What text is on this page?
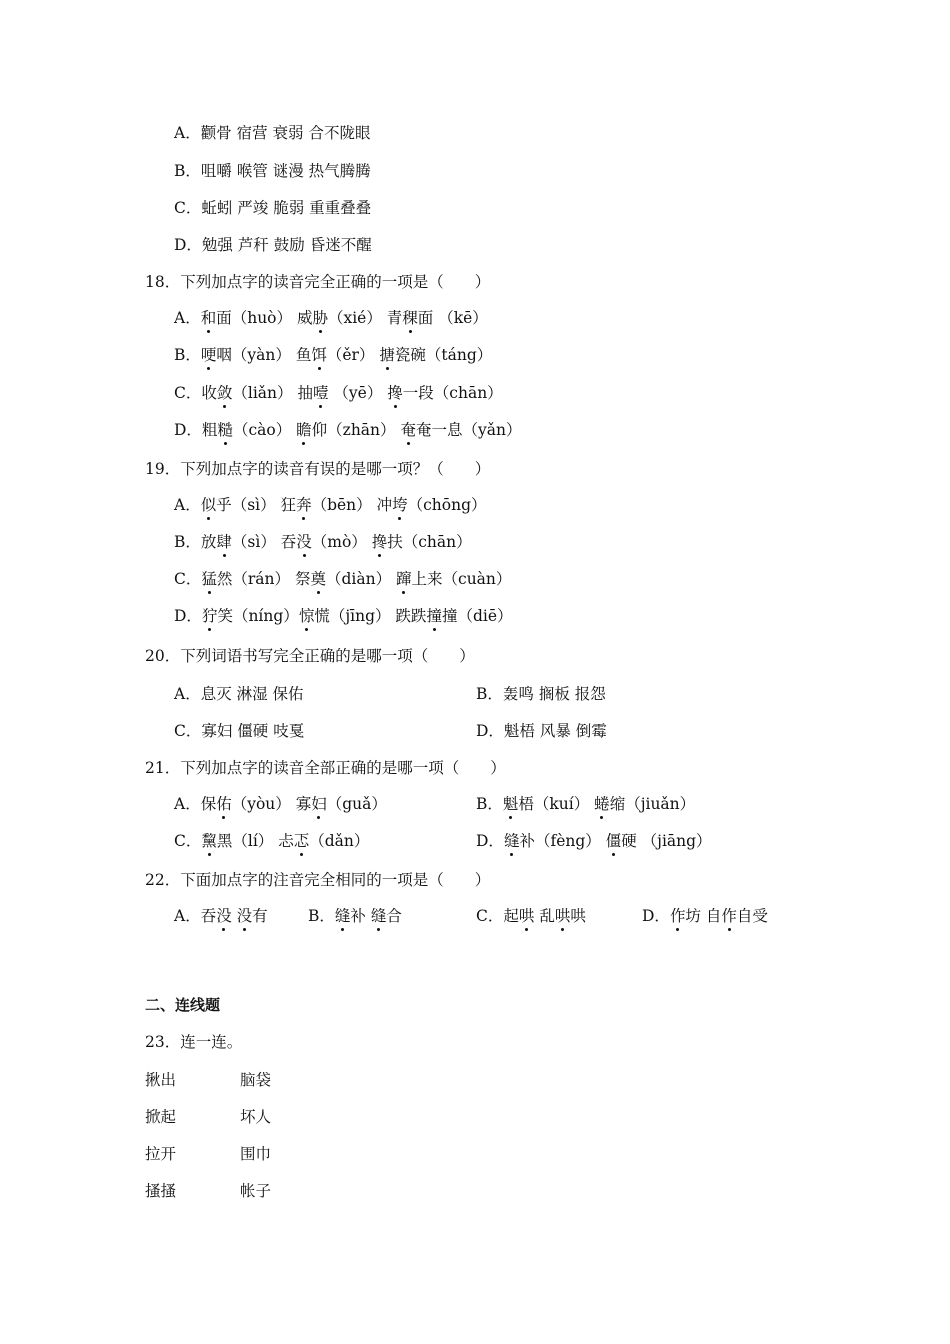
A．颧骨 宿营 衰弱 合不陇眼
B．咀嚼 喉管 谜漫 热气腾腾
C．蚯蚓 严竣 脆弱 重重叠叠
D．勉强 芦秆 鼓励 昏迷不醒
18．下列加点字的读音完全正确的一项是（　　）
A．和面（huò） 威胁（xié） 青稞面 （kē）
B．哽咽（yàn） 鱼饵（ěr） 搪瓷碗（táng）
C．收敛（liǎn） 抽噎 （yē） 搀一段（chān）
D．粗糙（cào） 瞻仰（zhān） 奄奄一息（yǎn）
19．下列加点字的读音有误的是哪一项？（　　）
A．似乎（sì） 狂奔（bēn） 冲垮（chōng）
B．放肆（sì） 吞没（mò） 搀扶（chān）
C．猛然（rán） 祭奠（diàn） 蹿上来（cuàn）
D．狞笑（níng）惊慌（jīng） 跌跌撞撞（diē）
20．下列词语书写完全正确的是哪一项（　　）
A．息灭 淋湿 保佑	B．轰鸣 搁板 报怨
C．寡妇 僵硬 吱戛	D．魁梧 风暴 倒霉
21．下列加点字的读音全部正确的是哪一项（　　）
A．保佑（yòu） 寡妇（guǎ）	B．魁梧（kuí） 蜷缩（jiuǎn）
C．黧黑（lí） 忐忑（dǎn）	D．缝补（fèng） 僵硬 （jiāng）
22．下面加点字的注音完全相同的一项是（　　）
A．吞没 没有	B．缝补 缝合	C．起哄 乱哄哄	D．作坊 自作自受
二、连线题
23．连一连。
揪出	脑袋
掀起	坏人
拉开	围巾
搔搔	帐子
